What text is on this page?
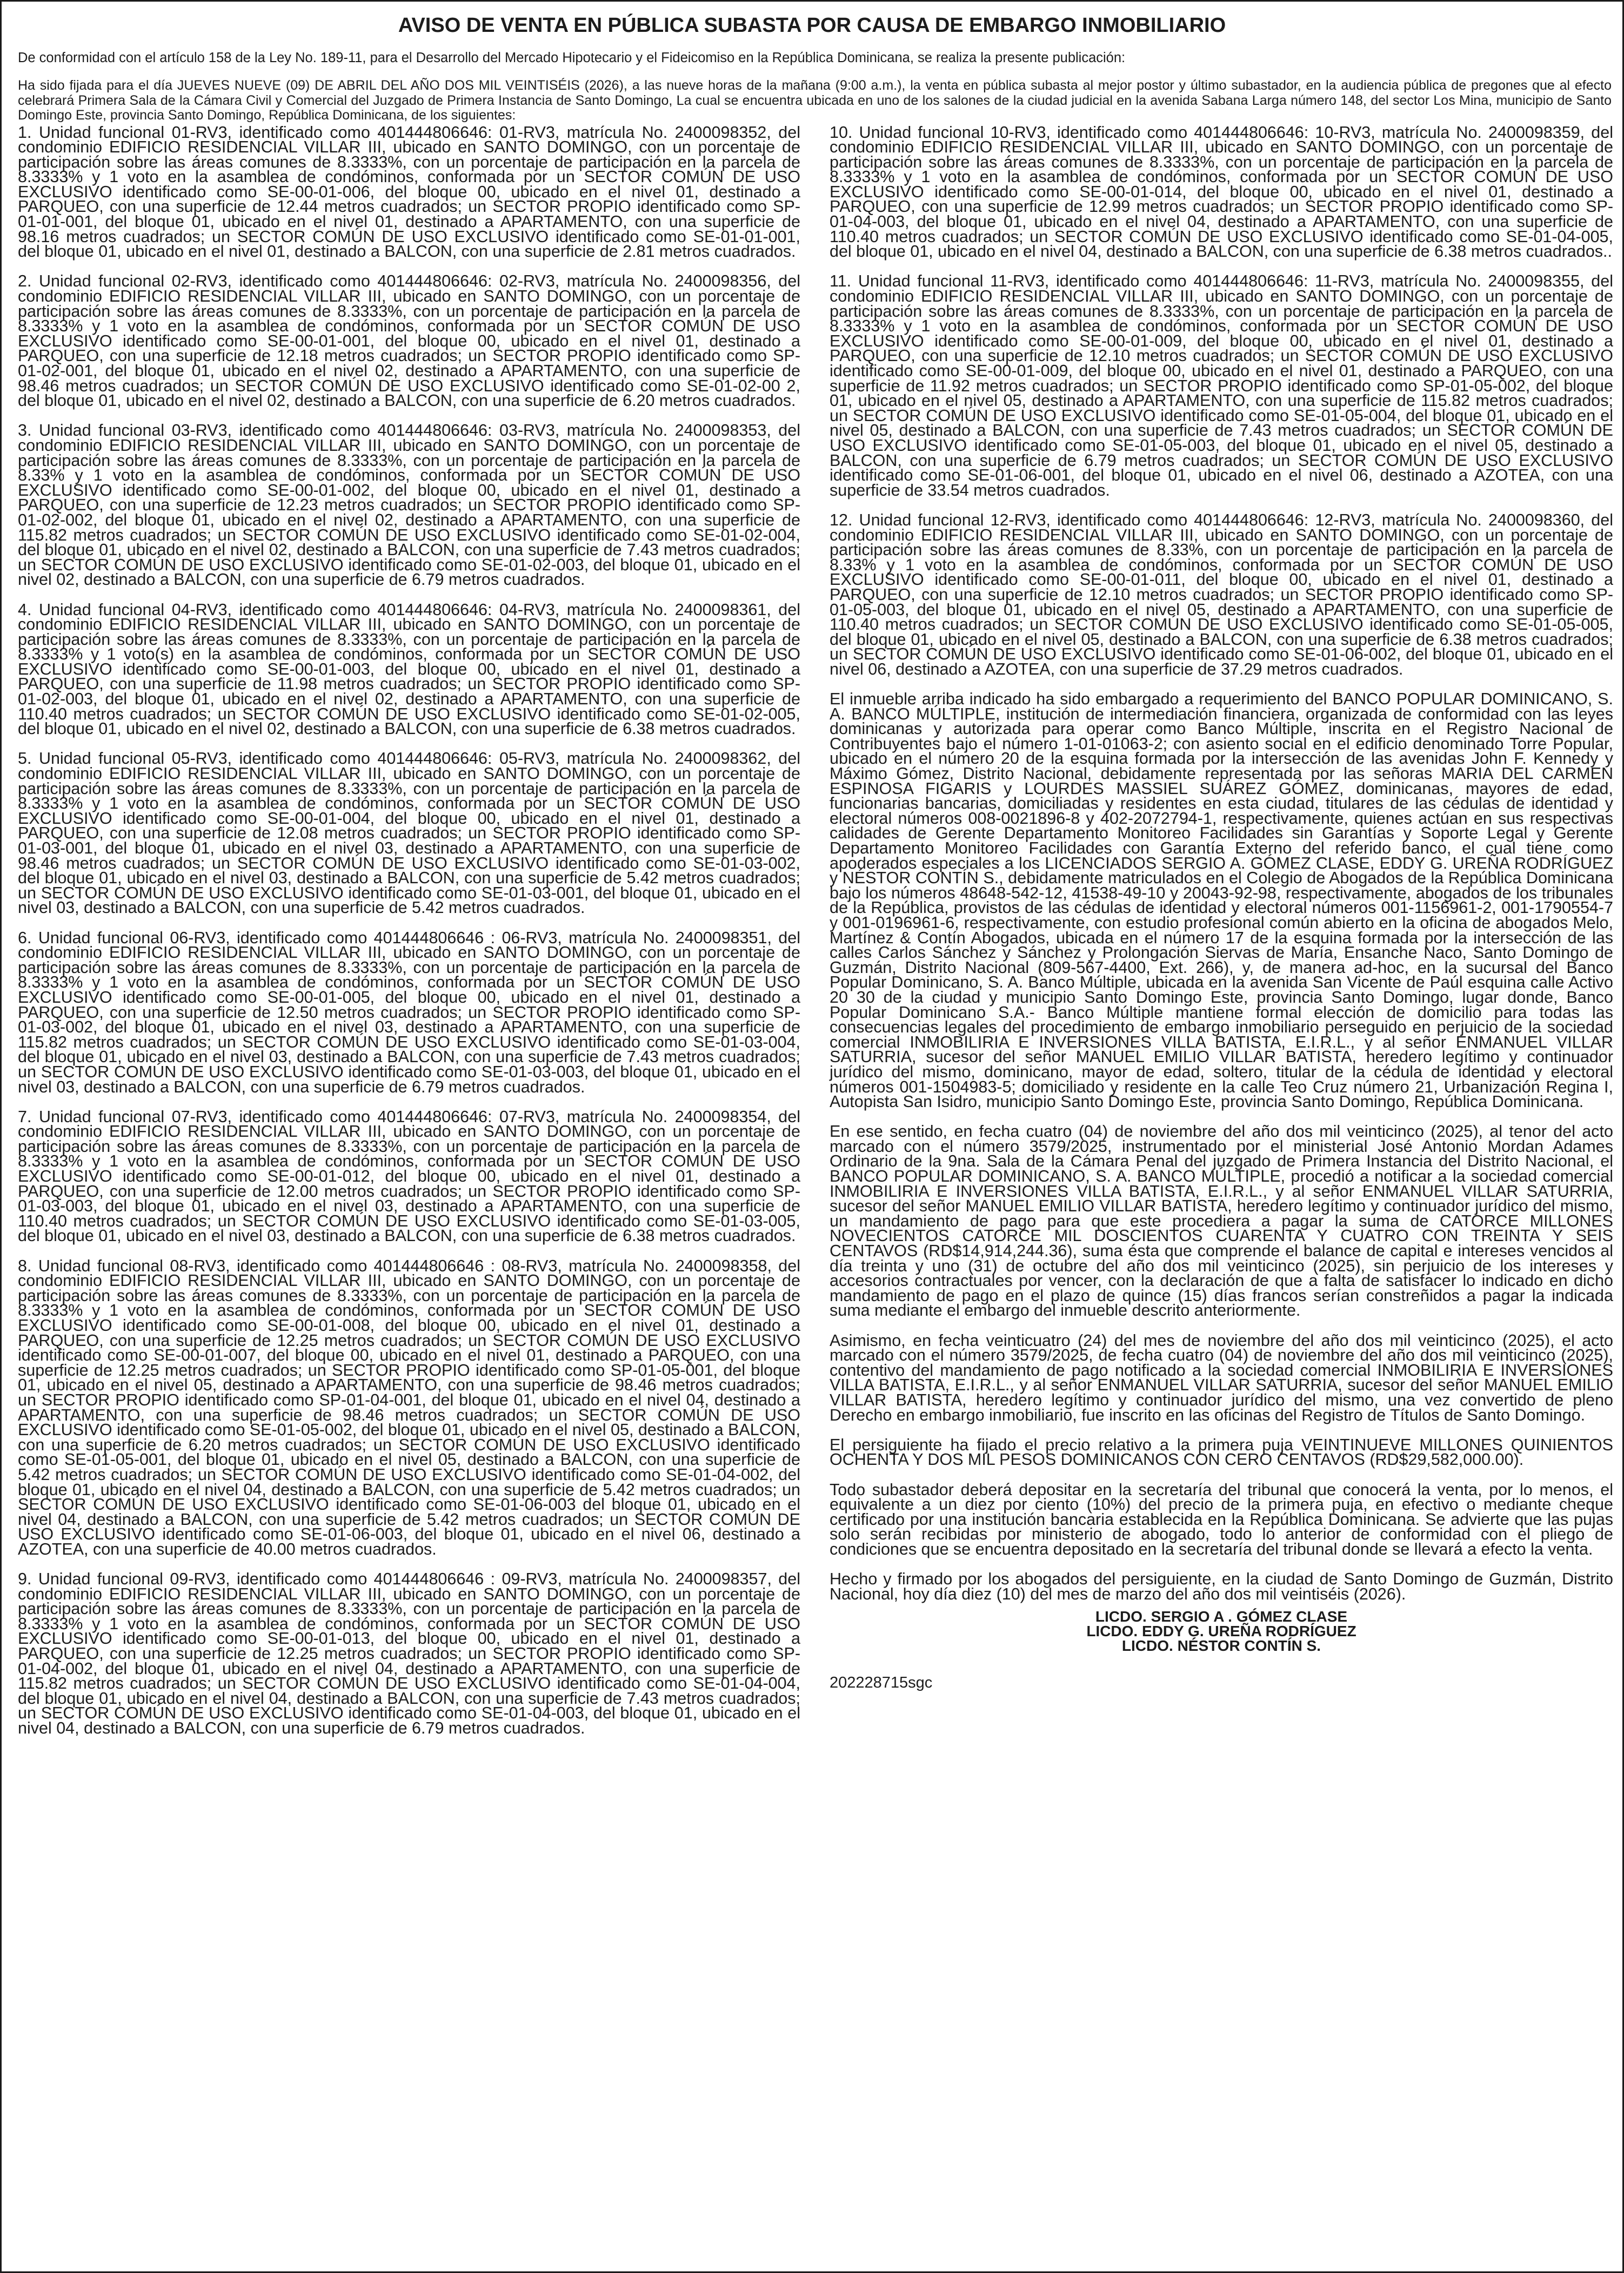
AVISO DE VENTA EN PÚBLICA SUBASTA POR CAUSA DE EMBARGO INMOBILIARIO
De conformidad con el artículo 158 de la Ley No. 189-11, para el Desarrollo del Mercado Hipotecario y el Fideicomiso en la República Dominicana, se realiza la presente publicación:
Ha sido fijada para el día JUEVES NUEVE (09) DE ABRIL DEL AÑO DOS MIL VEINTISÉIS (2026), a las nueve horas de la mañana (9:00 a.m.), la venta en pública subasta al mejor postor y último subastador, en la audiencia pública de pregones que al efecto celebrará Primera Sala de la Cámara Civil y Comercial del Juzgado de Primera Instancia de Santo Domingo, La cual se encuentra ubicada en uno de los salones de la ciudad judicial en la avenida Sabana Larga número 148, del sector Los Mina, municipio de Santo Domingo Este, provincia Santo Domingo, República Dominicana, de los siguientes:

1. Unidad funcional 01-RV3, identificado como 401444806646: 01-RV3, matrícula No. 2400098352, del condominio EDIFICIO RESIDENCIAL VILLAR III, ubicado en SANTO DOMINGO, con un porcentaje de participación sobre las áreas comunes de 8.3333%, con un porcentaje de participación en la parcela de 8.3333% y 1 voto en la asamblea de condóminos, conformada por un SECTOR COMÚN DE USO EXCLUSIVO identificado como SE-00-01-006, del bloque 00, ubicado en el nivel 01, destinado a PARQUEO, con una superficie de 12.44 metros cuadrados; un SECTOR PROPIO identificado como SP-01-01-001, del bloque 01, ubicado en el nivel 01, destinado a APARTAMENTO, con una superficie de 98.16 metros cuadrados; un SECTOR COMÚN DE USO EXCLUSIVO identificado como SE-01-01-001, del bloque 01, ubicado en el nivel 01, destinado a BALCON, con una superficie de 2.81 metros cuadrados.

2. Unidad funcional 02-RV3, identificado como 401444806646: 02-RV3, matrícula No. 2400098356, del condominio EDIFICIO RESIDENCIAL VILLAR III, ubicado en SANTO DOMINGO, con un porcentaje de participación sobre las áreas comunes de 8.3333%, con un porcentaje de participación en la parcela de 8.3333% y 1 voto en la asamblea de condóminos, conformada por un SECTOR COMÚN DE USO EXCLUSIVO identificado como SE-00-01-001, del bloque 00, ubicado en el nivel 01, destinado a PARQUEO, con una superficie de 12.18 metros cuadrados; un SECTOR PROPIO identificado como SP-01-02-001, del bloque 01, ubicado en el nivel 02, destinado a APARTAMENTO, con una superficie de 98.46 metros cuadrados; un SECTOR COMÚN DE USO EXCLUSIVO identificado como SE-01-02-00 2, del bloque 01, ubicado en el nivel 02, destinado a BALCON, con una superficie de 6.20 metros cuadrados.

3. Unidad funcional 03-RV3, identificado como 401444806646: 03-RV3, matrícula No. 2400098353, del condominio EDIFICIO RESIDENCIAL VILLAR III, ubicado en SANTO DOMINGO, con un porcentaje de participación sobre las áreas comunes de 8.3333%, con un porcentaje de participación en la parcela de 8.33% y 1 voto en la asamblea de condóminos, conformada por un SECTOR COMÚN DE USO EXCLUSIVO identificado como SE-00-01-002, del bloque 00, ubicado en el nivel 01, destinado a PARQUEO, con una superficie de 12.23 metros cuadrados; un SECTOR PROPIO identificado como SP-01-02-002, del bloque 01, ubicado en el nivel 02, destinado a APARTAMENTO, con una superficie de 115.82 metros cuadrados; un SECTOR COMÚN DE USO EXCLUSIVO identificado como SE-01-02-004, del bloque 01, ubicado en el nivel 02, destinado a BALCON, con una superficie de 7.43 metros cuadrados; un SECTOR COMÚN DE USO EXCLUSIVO identificado como SE-01-02-003, del bloque 01, ubicado en el nivel 02, destinado a BALCON, con una superficie de 6.79 metros cuadrados.

4. Unidad funcional 04-RV3, identificado como 401444806646: 04-RV3, matrícula No. 2400098361, del condominio EDIFICIO RESIDENCIAL VILLAR III, ubicado en SANTO DOMINGO, con un porcentaje de participación sobre las áreas comunes de 8.3333%, con un porcentaje de participación en la parcela de 8.3333% y 1 voto(s) en la asamblea de condóminos, conformada por un SECTOR COMÚN DE USO EXCLUSIVO identificado como SE-00-01-003, del bloque 00, ubicado en el nivel 01, destinado a PARQUEO, con una superficie de 11.98 metros cuadrados; un SECTOR PROPIO identificado como SP-01-02-003, del bloque 01, ubicado en el nivel 02, destinado a APARTAMENTO, con una superficie de 110.40 metros cuadrados; un SECTOR COMÚN DE USO EXCLUSIVO identificado como SE-01-02-005, del bloque 01, ubicado en el nivel 02, destinado a BALCON, con una superficie de 6.38 metros cuadrados.

5. Unidad funcional 05-RV3, identificado como 401444806646: 05-RV3, matrícula No. 2400098362, del condominio EDIFICIO RESIDENCIAL VILLAR III, ubicado en SANTO DOMINGO, con un porcentaje de participación sobre las áreas comunes de 8.3333%, con un porcentaje de participación en la parcela de 8.3333% y 1 voto en la asamblea de condóminos, conformada por un SECTOR COMÚN DE USO EXCLUSIVO identificado como SE-00-01-004, del bloque 00, ubicado en el nivel 01, destinado a PARQUEO, con una superficie de 12.08 metros cuadrados; un SECTOR PROPIO identificado como SP-01-03-001, del bloque 01, ubicado en el nivel 03, destinado a APARTAMENTO, con una superficie de 98.46 metros cuadrados; un SECTOR COMÚN DE USO EXCLUSIVO identificado como SE-01-03-002, del bloque 01, ubicado en el nivel 03, destinado a BALCON, con una superficie de 5.42 metros cuadrados; un SECTOR COMÚN DE USO EXCLUSIVO identificado como SE-01-03-001, del bloque 01, ubicado en el nivel 03, destinado a BALCON, con una superficie de 5.42 metros cuadrados.

6. Unidad funcional 06-RV3, identificado como 401444806646 : 06-RV3, matrícula No. 2400098351, del condominio EDIFICIO RESIDENCIAL VILLAR III, ubicado en SANTO DOMINGO, con un porcentaje de participación sobre las áreas comunes de 8.3333%, con un porcentaje de participación en la parcela de 8.3333% y 1 voto en la asamblea de condóminos, conformada por un SECTOR COMÚN DE USO EXCLUSIVO identificado como SE-00-01-005, del bloque 00, ubicado en el nivel 01, destinado a PARQUEO, con una superficie de 12.50 metros cuadrados; un SECTOR PROPIO identificado como SP-01-03-002, del bloque 01, ubicado en el nivel 03, destinado a APARTAMENTO, con una superficie de 115.82 metros cuadrados; un SECTOR COMÚN DE USO EXCLUSIVO identificado como SE-01-03-004, del bloque 01, ubicado en el nivel 03, destinado a BALCON, con una superficie de 7.43 metros cuadrados; un SECTOR COMÚN DE USO EXCLUSIVO identificado como SE-01-03-003, del bloque 01, ubicado en el nivel 03, destinado a BALCON, con una superficie de 6.79 metros cuadrados.

7. Unidad funcional 07-RV3, identificado como 401444806646: 07-RV3, matrícula No. 2400098354, del condominio EDIFICIO RESIDENCIAL VILLAR III, ubicado en SANTO DOMINGO, con un porcentaje de participación sobre las áreas comunes de 8.3333%, con un porcentaje de participación en la parcela de 8.3333% y 1 voto en la asamblea de condóminos, conformada por un SECTOR COMÚN DE USO EXCLUSIVO identificado como SE-00-01-012, del bloque 00, ubicado en el nivel 01, destinado a PARQUEO, con una superficie de 12.00 metros cuadrados; un SECTOR PROPIO identificado como SP-01-03-003, del bloque 01, ubicado en el nivel 03, destinado a APARTAMENTO, con una superficie de 110.40 metros cuadrados; un SECTOR COMÚN DE USO EXCLUSIVO identificado como SE-01-03-005, del bloque 01, ubicado en el nivel 03, destinado a BALCON, con una superficie de 6.38 metros cuadrados.

8. Unidad funcional 08-RV3, identificado como 401444806646 : 08-RV3, matrícula No. 2400098358, del condominio EDIFICIO RESIDENCIAL VILLAR III, ubicado en SANTO DOMINGO, con un porcentaje de participación sobre las áreas comunes de 8.3333%, con un porcentaje de participación en la parcela de 8.3333% y 1 voto en la asamblea de condóminos, conformada por un SECTOR COMÚN DE USO EXCLUSIVO identificado como SE-00-01-008, del bloque 00, ubicado en el nivel 01, destinado a PARQUEO, con una superficie de 12.25 metros cuadrados; un SECTOR COMÚN DE USO EXCLUSIVO identificado como SE-00-01-007, del bloque 00, ubicado en el nivel 01, destinado a PARQUEO, con una superficie de 12.25 metros cuadrados; un SECTOR PROPIO identificado como SP-01-05-001, del bloque 01, ubicado en el nivel 05, destinado a APARTAMENTO, con una superficie de 98.46 metros cuadrados; un SECTOR PROPIO identificado como SP-01-04-001, del bloque 01, ubicado en el nivel 04, destinado a APARTAMENTO, con una superficie de 98.46 metros cuadrados; un SECTOR COMÚN DE USO EXCLUSIVO identificado como SE-01-05-002, del bloque 01, ubicado en el nivel 05, destinado a BALCON, con una superficie de 6.20 metros cuadrados; un SECTOR COMÚN DE USO EXCLUSIVO identificado como SE-01-05-001, del bloque 01, ubicado en el nivel 05, destinado a BALCON, con una superficie de 5.42 metros cuadrados; un SECTOR COMÚN DE USO EXCLUSIVO identificado como SE-01-04-002, del bloque 01, ubicado en el nivel 04, destinado a BALCON, con una superficie de 5.42 metros cuadrados; un SECTOR COMÚN DE USO EXCLUSIVO identificado como SE-01-06-003 del bloque 01, ubicado en el nivel 04, destinado a BALCON, con una superficie de 5.42 metros cuadrados; un SECTOR COMÚN DE USO EXCLUSIVO identificado como SE-01-06-003, del bloque 01, ubicado en el nivel 06, destinado a AZOTEA, con una superficie de 40.00 metros cuadrados.

9. Unidad funcional 09-RV3, identificado como 401444806646 : 09-RV3, matrícula No. 2400098357, del condominio EDIFICIO RESIDENCIAL VILLAR III, ubicado en SANTO DOMINGO, con un porcentaje de participación sobre las áreas comunes de 8.3333%, con un porcentaje de participación en la parcela de 8.3333% y 1 voto en la asamblea de condóminos, conformada por un SECTOR COMÚN DE USO EXCLUSIVO identificado como SE-00-01-013, del bloque 00, ubicado en el nivel 01, destinado a PARQUEO, con una superficie de 12.25 metros cuadrados; un SECTOR PROPIO identificado como SP-01-04-002, del bloque 01, ubicado en el nivel 04, destinado a APARTAMENTO, con una superficie de 115.82 metros cuadrados; un SECTOR COMÚN DE USO EXCLUSIVO identificado como SE-01-04-004, del bloque 01, ubicado en el nivel 04, destinado a BALCON, con una superficie de 7.43 metros cuadrados; un SECTOR COMÚN DE USO EXCLUSIVO identificado como SE-01-04-003, del bloque 01, ubicado en el nivel 04, destinado a BALCON, con una superficie de 6.79 metros cuadrados.

10. Unidad funcional 10-RV3, identificado como 401444806646: 10-RV3, matrícula No. 2400098359, del condominio EDIFICIO RESIDENCIAL VILLAR III, ubicado en SANTO DOMINGO, con un porcentaje de participación sobre las áreas comunes de 8.3333%, con un porcentaje de participación en la parcela de 8.3333% y 1 voto en la asamblea de condóminos, conformada por un SECTOR COMÚN DE USO EXCLUSIVO identificado como SE-00-01-014, del bloque 00, ubicado en el nivel 01, destinado a PARQUEO, con una superficie de 12.99 metros cuadrados; un SECTOR PROPIO identificado como SP-01-04-003, del bloque 01, ubicado en el nivel 04, destinado a APARTAMENTO, con una superficie de 110.40 metros cuadrados; un SECTOR COMÚN DE USO EXCLUSIVO identificado como SE-01-04-005, del bloque 01, ubicado en el nivel 04, destinado a BALCON, con una superficie de 6.38 metros cuadrados..

11. Unidad funcional 11-RV3, identificado como 401444806646: 11-RV3, matrícula No. 2400098355, del condominio EDIFICIO RESIDENCIAL VILLAR III, ubicado en SANTO DOMINGO, con un porcentaje de participación sobre las áreas comunes de 8.3333%, con un porcentaje de participación en la parcela de 8.3333% y 1 voto en la asamblea de condóminos, conformada por un SECTOR COMÚN DE USO EXCLUSIVO identificado como SE-00-01-009, del bloque 00, ubicado en el nivel 01, destinado a PARQUEO, con una superficie de 12.10 metros cuadrados; un SECTOR COMÚN DE USO EXCLUSIVO identificado como SE-00-01-009, del bloque 00, ubicado en el nivel 01, destinado a PARQUEO, con una superficie de 11.92 metros cuadrados; un SECTOR PROPIO identificado como SP-01-05-002, del bloque 01, ubicado en el nivel 05, destinado a APARTAMENTO, con una superficie de 115.82 metros cuadrados; un SECTOR COMÚN DE USO EXCLUSIVO identificado como SE-01-05-004, del bloque 01, ubicado en el nivel 05, destinado a BALCON, con una superficie de 7.43 metros cuadrados; un SECTOR COMÚN DE USO EXCLUSIVO identificado como SE-01-05-003, del bloque 01, ubicado en el nivel 05, destinado a BALCON, con una superficie de 6.79 metros cuadrados; un SECTOR COMÚN DE USO EXCLUSIVO identificado como SE-01-06-001, del bloque 01, ubicado en el nivel 06, destinado a AZOTEA, con una superficie de 33.54 metros cuadrados.

12. Unidad funcional 12-RV3, identificado como 401444806646: 12-RV3, matrícula No. 2400098360, del condominio EDIFICIO RESIDENCIAL VILLAR III, ubicado en SANTO DOMINGO, con un porcentaje de participación sobre las áreas comunes de 8.33%, con un porcentaje de participación en la parcela de 8.33% y 1 voto en la asamblea de condóminos, conformada por un SECTOR COMÚN DE USO EXCLUSIVO identificado como SE-00-01-011, del bloque 00, ubicado en el nivel 01, destinado a PARQUEO, con una superficie de 12.10 metros cuadrados; un SECTOR PROPIO identificado como SP-01-05-003, del bloque 01, ubicado en el nivel 05, destinado a APARTAMENTO, con una superficie de 110.40 metros cuadrados; un SECTOR COMÚN DE USO EXCLUSIVO identificado como SE-01-05-005, del bloque 01, ubicado en el nivel 05, destinado a BALCON, con una superficie de 6.38 metros cuadrados; un SECTOR COMÚN DE USO EXCLUSIVO identificado como SE-01-06-002, del bloque 01, ubicado en el nivel 06, destinado a AZOTEA, con una superficie de 37.29 metros cuadrados.

El inmueble arriba indicado ha sido embargado a requerimiento del BANCO POPULAR DOMINICANO, S. A. BANCO MÚLTIPLE, institución de intermediación financiera, organizada de conformidad con las leyes dominicanas y autorizada para operar como Banco Múltiple, inscrita en el Registro Nacional de Contribuyentes bajo el número 1-01-01063-2; con asiento social en el edificio denominado Torre Popular, ubicado en el número 20 de la esquina formada por la intersección de las avenidas John F. Kennedy y Máximo Gómez, Distrito Nacional, debidamente representada por las señoras MARIA DEL CARMEN ESPINOSA FIGARIS y LOURDES MASSIEL SUÁREZ GÓMEZ, dominicanas, mayores de edad, funcionarias bancarias, domiciliadas y residentes en esta ciudad, titulares de las cédulas de identidad y electoral números 008-0021896-8 y 402-2072794-1, respectivamente, quienes actúan en sus respectivas calidades de Gerente Departamento Monitoreo Facilidades sin Garantías y Soporte Legal y Gerente Departamento Monitoreo Facilidades con Garantía Externo del referido banco, el cual tiene como apoderados especiales a los LICENCIADOS SERGIO A. GÓMEZ CLASE, EDDY G. UREÑA RODRÍGUEZ y NÉSTOR CONTÍN S., debidamente matriculados en el Colegio de Abogados de la República Dominicana bajo los números 48648-542-12, 41538-49-10 y 20043-92-98, respectivamente, abogados de los tribunales de la República, provistos de las cédulas de identidad y electoral números 001-1156961-2, 001-1790554-7 y 001-0196961-6, respectivamente, con estudio profesional común abierto en la oficina de abogados Melo, Martínez & Contín Abogados, ubicada en el número 17 de la esquina formada por la intersección de las calles Carlos Sánchez y Sánchez y Prolongación Siervas de María, Ensanche Naco, Santo Domingo de Guzmán, Distrito Nacional (809-567-4400, Ext. 266), y, de manera ad-hoc, en la sucursal del Banco Popular Dominicano, S. A. Banco Múltiple, ubicada en la avenida San Vicente de Paúl esquina calle Activo 20 30 de la ciudad y municipio Santo Domingo Este, provincia Santo Domingo, lugar donde, Banco Popular Dominicano S.A.- Banco Múltiple mantiene formal elección de domicilio para todas las consecuencias legales del procedimiento de embargo inmobiliario perseguido en perjuicio de la sociedad comercial INMOBILIRIA E INVERSIONES VILLA BATISTA, E.I.R.L., y al señor ENMANUEL VILLAR SATURRIA, sucesor del señor MANUEL EMILIO VILLAR BATISTA, heredero legítimo y continuador jurídico del mismo, dominicano, mayor de edad, soltero, titular de la cédula de identidad y electoral números 001-1504983-5; domiciliado y residente en la calle Teo Cruz número 21, Urbanización Regina I, Autopista San Isidro, municipio Santo Domingo Este, provincia Santo Domingo, República Dominicana.

En ese sentido, en fecha cuatro (04) de noviembre del año dos mil veinticinco (2025), al tenor del acto marcado con el número 3579/2025, instrumentado por el ministerial José Antonio Mordan Adames Ordinario de la 9na. Sala de la Cámara Penal del juzgado de Primera Instancia del Distrito Nacional, el BANCO POPULAR DOMINICANO, S. A. BANCO MÚLTIPLE, procedió a notificar a la sociedad comercial INMOBILIRIA E INVERSIONES VILLA BATISTA, E.I.R.L., y al señor ENMANUEL VILLAR SATURRIA, sucesor del señor MANUEL EMILIO VILLAR BATISTA, heredero legítimo y continuador jurídico del mismo, un mandamiento de pago para que este procediera a pagar la suma de CATORCE MILLONES NOVECIENTOS CATORCE MIL DOSCIENTOS CUARENTA Y CUATRO CON TREINTA Y SEIS CENTAVOS (RD$14,914,244.36), suma ésta que comprende el balance de capital e intereses vencidos al día treinta y uno (31) de octubre del año dos mil veinticinco (2025), sin perjuicio de los intereses y accesorios contractuales por vencer, con la declaración de que a falta de satisfacer lo indicado en dicho mandamiento de pago en el plazo de quince (15) días francos serían constreñidos a pagar la indicada suma mediante el embargo del inmueble descrito anteriormente.

Asimismo, en fecha veinticuatro (24) del mes de noviembre del año dos mil veinticinco (2025), el acto marcado con el número 3579/2025, de fecha cuatro (04) de noviembre del año dos mil veinticinco (2025), contentivo del mandamiento de pago notificado a la sociedad comercial INMOBILIRIA E INVERSIONES VILLA BATISTA, E.I.R.L., y al señor ENMANUEL VILLAR SATURRIA, sucesor del señor MANUEL EMILIO VILLAR BATISTA, heredero legítimo y continuador jurídico del mismo, una vez convertido de pleno Derecho en embargo inmobiliario, fue inscrito en las oficinas del Registro de Títulos de Santo Domingo.

El persiguiente ha fijado el precio relativo a la primera puja VEINTINUEVE MILLONES QUINIENTOS OCHENTA Y DOS MIL PESOS DOMINICANOS CON CERO CENTAVOS (RD$29,582,000.00).

Todo subastador deberá depositar en la secretaría del tribunal que conocerá la venta, por lo menos, el equivalente a un diez por ciento (10%) del precio de la primera puja, en efectivo o mediante cheque certificado por una institución bancaria establecida en la República Dominicana. Se advierte que las pujas solo serán recibidas por ministerio de abogado, todo lo anterior de conformidad con el pliego de condiciones que se encuentra depositado en la secretaría del tribunal donde se llevará a efecto la venta.

Hecho y firmado por los abogados del persiguiente, en la ciudad de Santo Domingo de Guzmán, Distrito Nacional, hoy día diez (10) del mes de marzo del año dos mil veintiséis (2026).

LICDO. SERGIO A . GÓMEZ CLASE
LICDO. EDDY G. UREÑA RODRÍGUEZ
LICDO. NÉSTOR CONTÍN S.
202228715sgc
